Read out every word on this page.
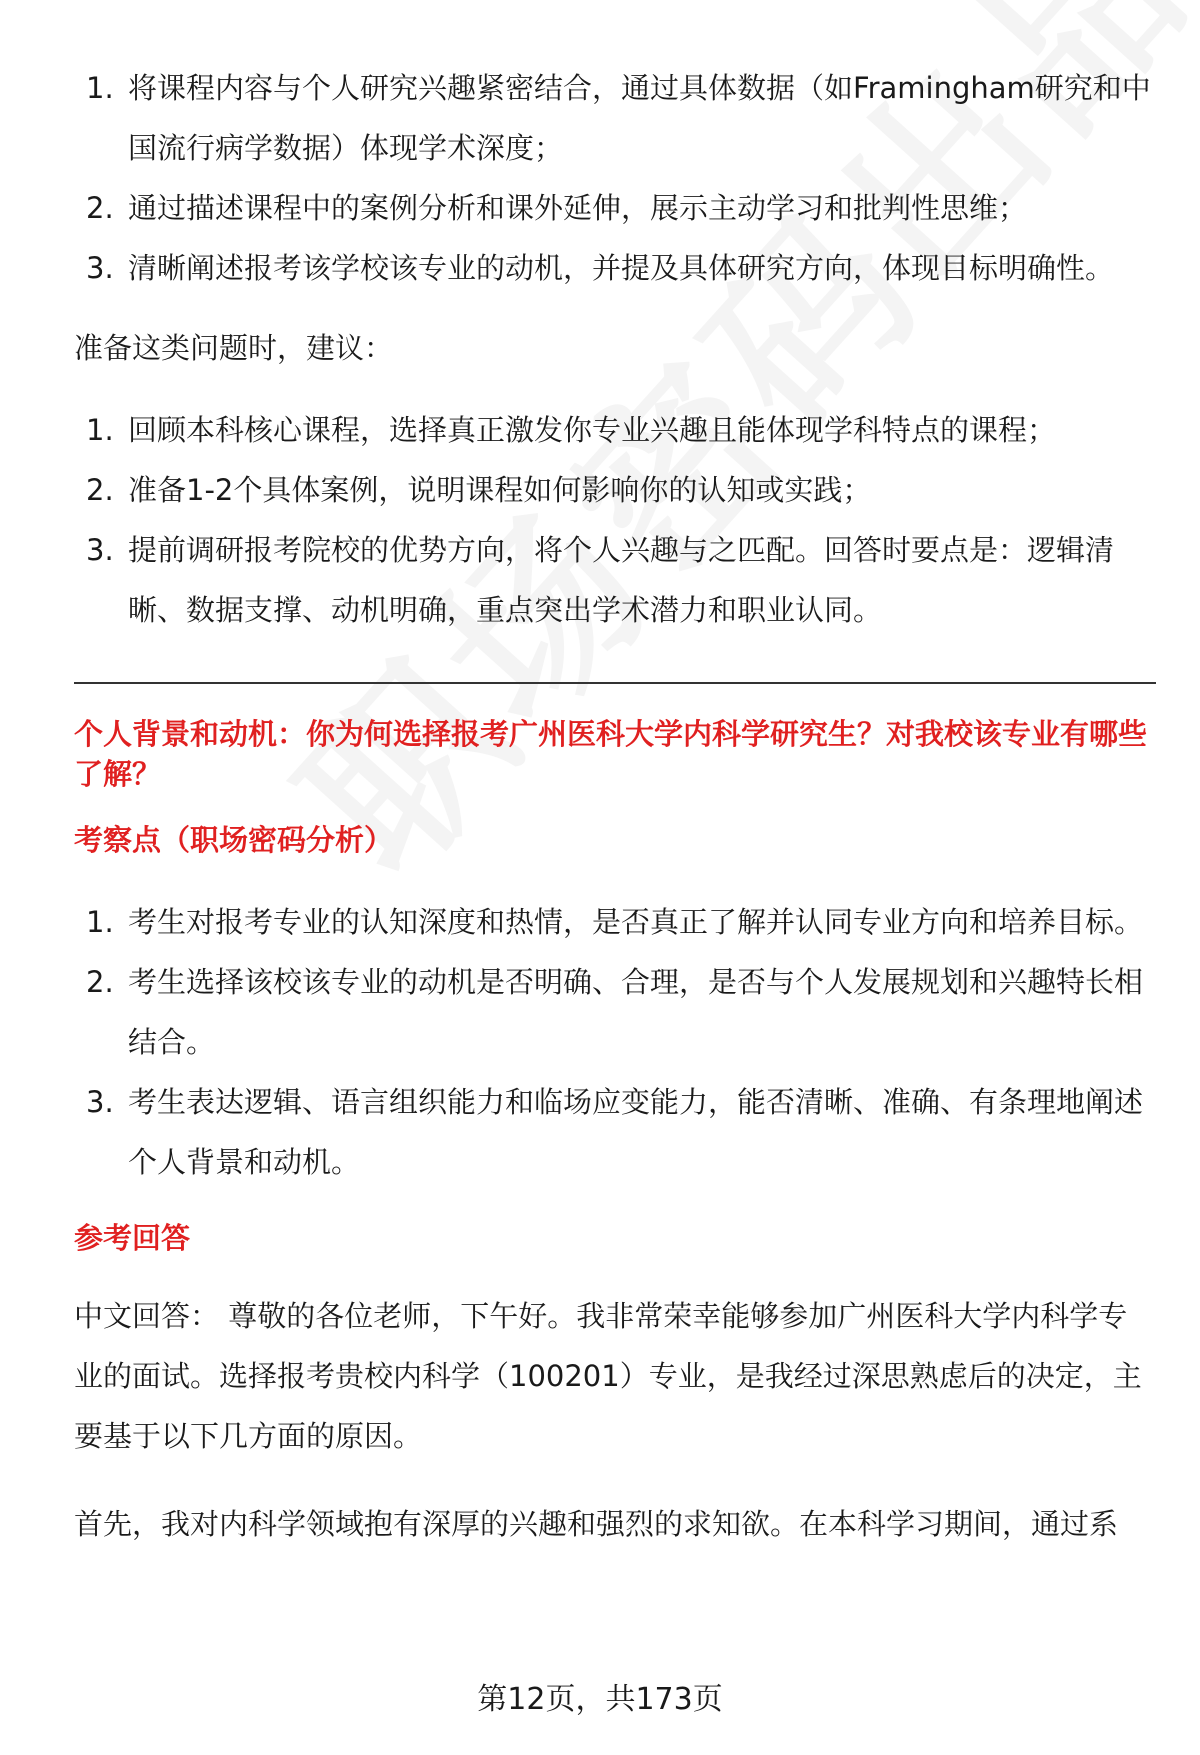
1. 将课程内容与个人研究兴趣紧密结合，通过具体数据（如Framingham研究和中国流行病学数据）体现学术深度；
2. 通过描述课程中的案例分析和课外延伸，展示主动学习和批判性思维；
3. 清晰阐述报考该学校该专业的动机，并提及具体研究方向，体现目标明确性。

准备这类问题时，建议：

1. 回顾本科核心课程，选择真正激发你专业兴趣且能体现学科特点的课程；
2. 准备1-2个具体案例，说明课程如何影响你的认知或实践；
3. 提前调研报考院校的优势方向，将个人兴趣与之匹配。回答时要点是：逻辑清晰、数据支撑、动机明确，重点突出学术潜力和职业认同。

个人背景和动机：你为何选择报考广州医科大学内科学研究生？对我校该专业有哪些了解？

考察点（职场密码分析）

1. 考生对报考专业的认知深度和热情，是否真正了解并认同专业方向和培养目标。
2. 考生选择该校该专业的动机是否明确、合理，是否与个人发展规划和兴趣特长相结合。
3. 考生表达逻辑、语言组织能力和临场应变能力，能否清晰、准确、有条理地阐述个人背景和动机。

参考回答

中文回答： 尊敬的各位老师，下午好。我非常荣幸能够参加广州医科大学内科学专业的面试。选择报考贵校内科学（100201）专业，是我经过深思熟虑后的决定，主要基于以下几方面的原因。

首先，我对内科学领域抱有深厚的兴趣和强烈的求知欲。在本科学习期间，通过系

第12页，共173页
